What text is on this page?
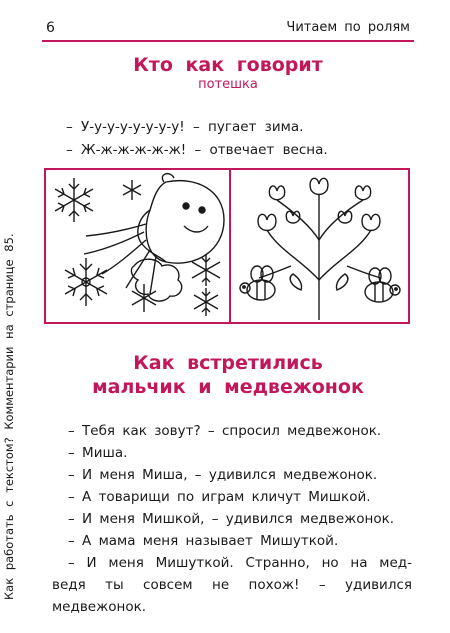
6	Читаем по ролям
Как работать с текстом? Комментарии на странице 85.
Кто как говорит
потешка
– У-у-у-у-у-у-у-у! – пугает зима.
– Ж-ж-ж-ж-ж-ж! – отвечает весна.
Как встретились
мальчик и медвежонок
– Тебя как зовут? – спросил медвежонок.
– Миша.
– И меня Миша, – удивился медвежонок.
– А товарищи по играм кличут Мишкой.
– И меня Мишкой, – удивился медвежонок.
– А мама меня называет Мишуткой.
– И меня Мишуткой. Странно, но на мед-
ведя ты совсем не похож! – удивился
медвежонок.
